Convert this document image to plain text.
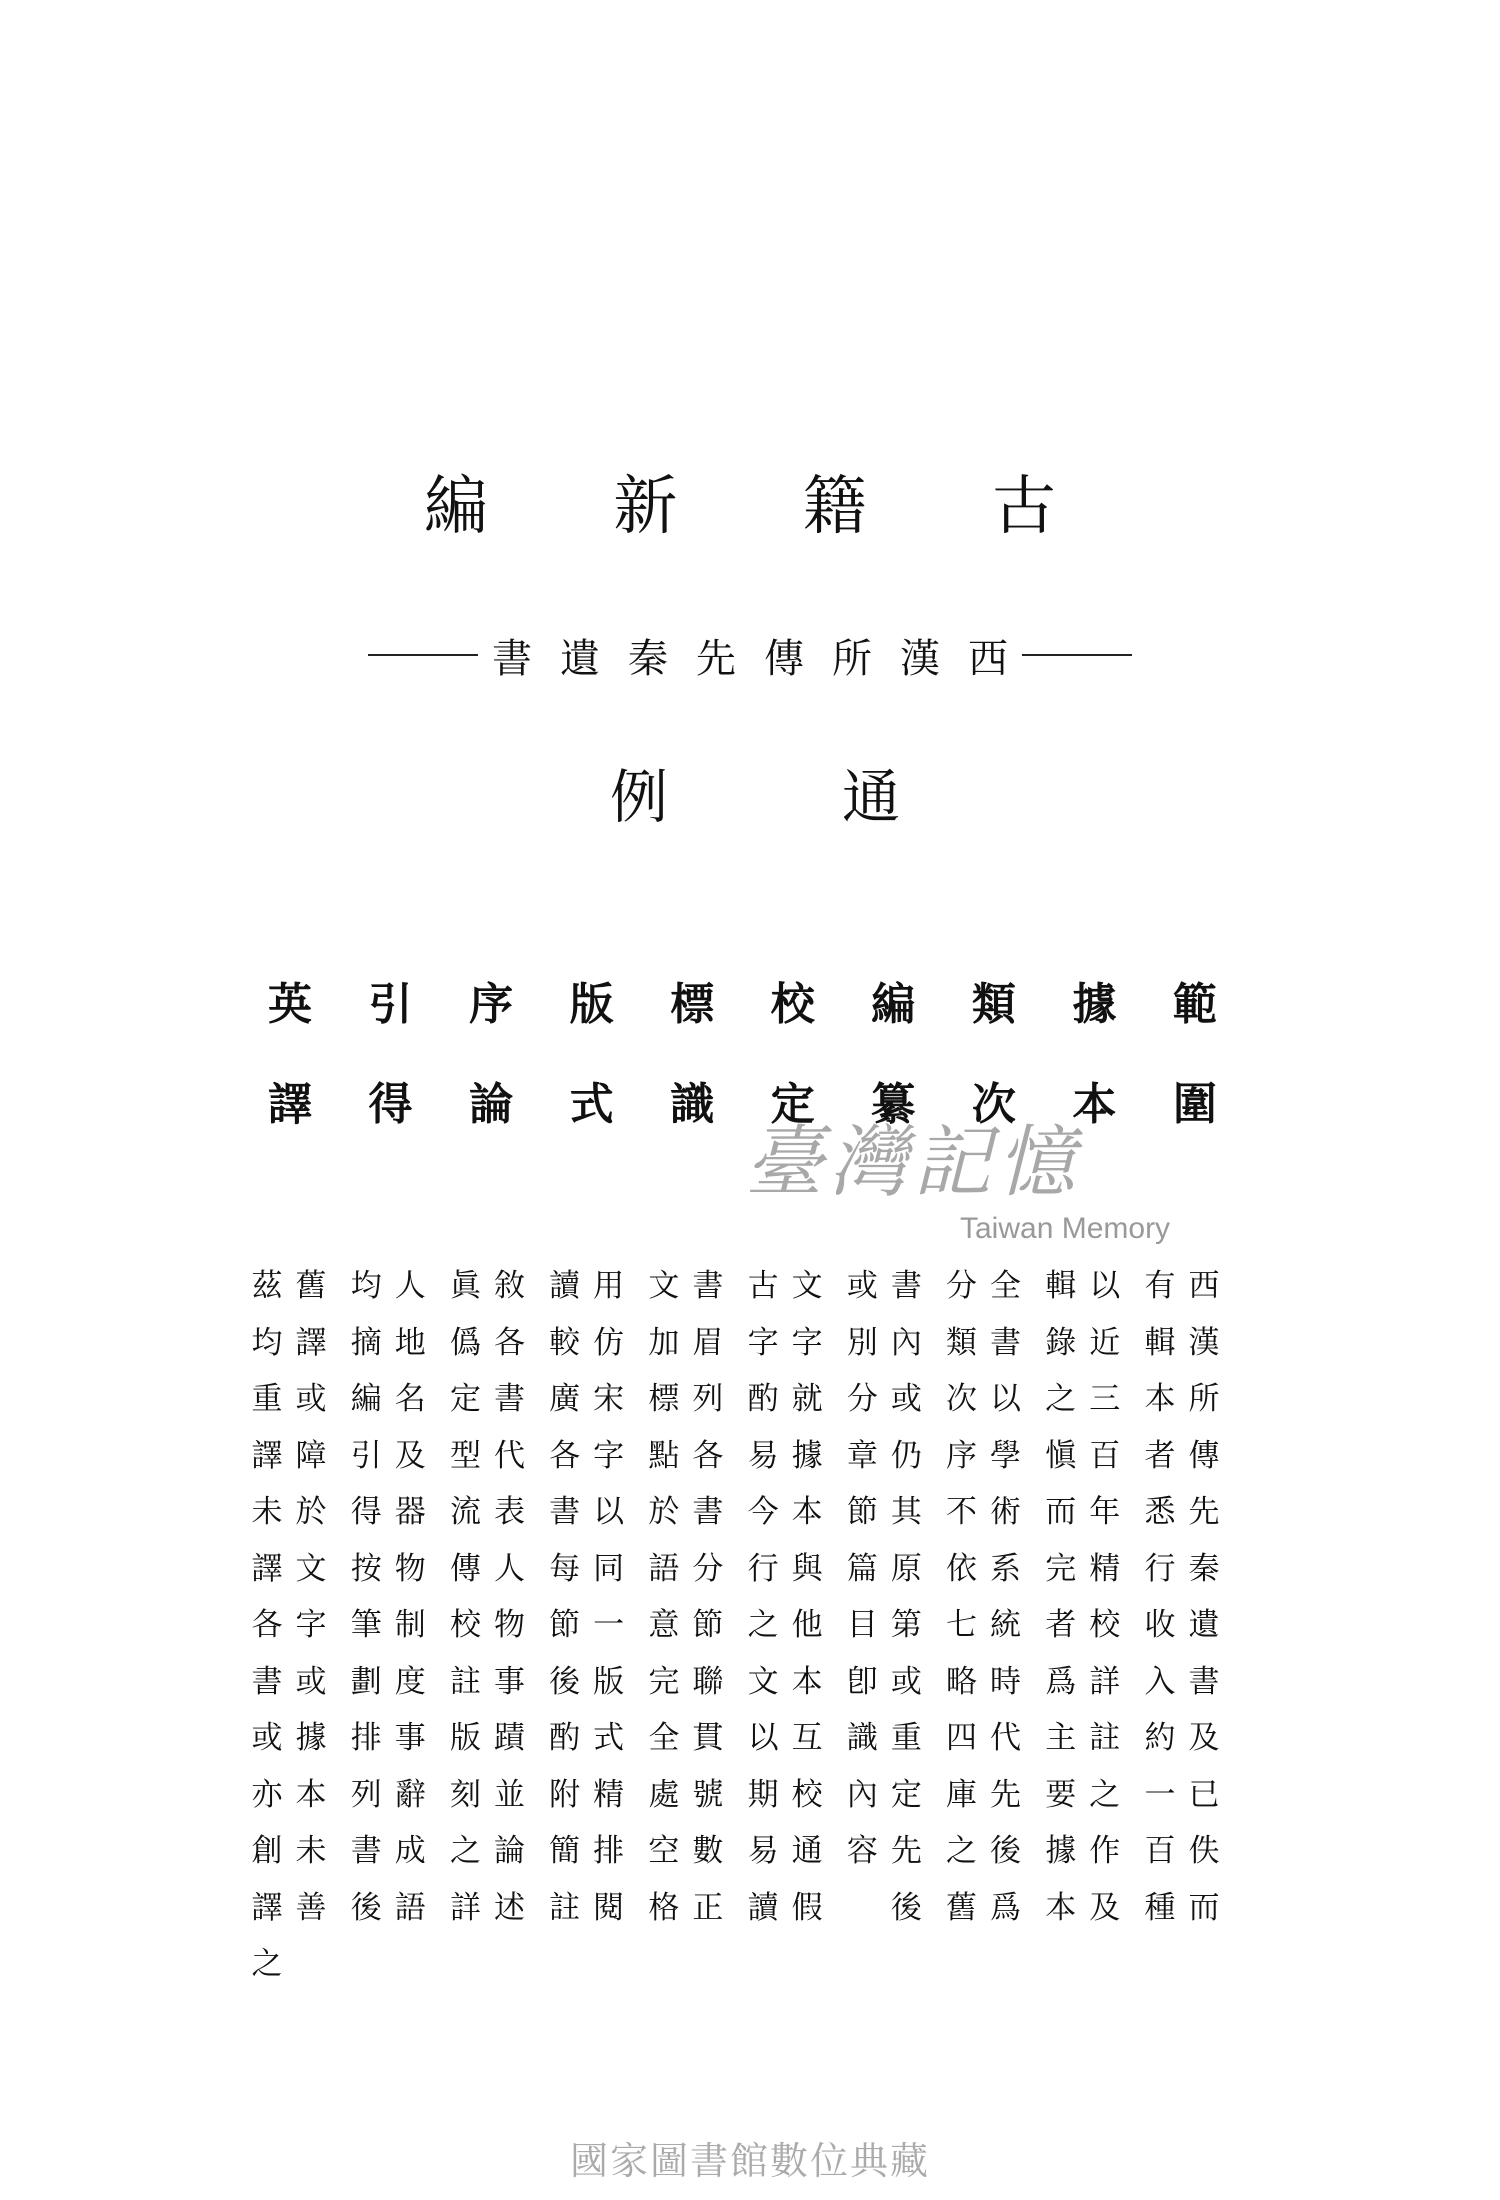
古
籍
新
編
西
漢
所
傳
先
秦
遺
書
通
例
範
圍
據
本
類
次
編
纂
校
定
標
識
版
式
序
論
引
得
英
譯
西
漢
所
傳
先
秦
遺
書
及
已
佚
而
有
輯
本
者
悉
行
收
入
約
一
百
種
以
近
三
百
年
精
校
詳
註
之
作
及
輯
錄
之
愼
而
完
者
爲
主
要
據
本
全
書
以
學
術
系
統
時
代
先
後
爲
分
類
次
序
不
依
七
略
四
庫
之
舊
書
內
或
仍
其
原
第
或
重
定
先
後
或
別
分
章
節
篇
目
卽
識
內
容
文
字
就
據
本
與
他
本
互
校
通
假
古
字
酌
易
今
行
之
文
以
期
易
讀
書
眉
列
各
書
分
節
聯
貫
號
數
正
文
加
標
點
於
語
意
完
全
處
空
格
用
仿
宋
字
以
同
一
版
式
精
排
閱
讀
較
廣
各
書
每
節
後
酌
附
簡
註
敘
各
書
代
表
人
物
事
蹟
並
論
述
眞
僞
定
型
流
傳
校
註
版
刻
之
詳
人
地
名
及
器
物
制
度
事
辭
成
語
均
摘
編
引
得
按
筆
劃
排
列
書
後
舊
譯
或
障
於
文
字
或
據
本
未
善
茲
均
重
譯
未
譯
各
書
或
亦
創
譯
之
臺灣記憶
Taiwan Memory
國家圖書館數位典藏
